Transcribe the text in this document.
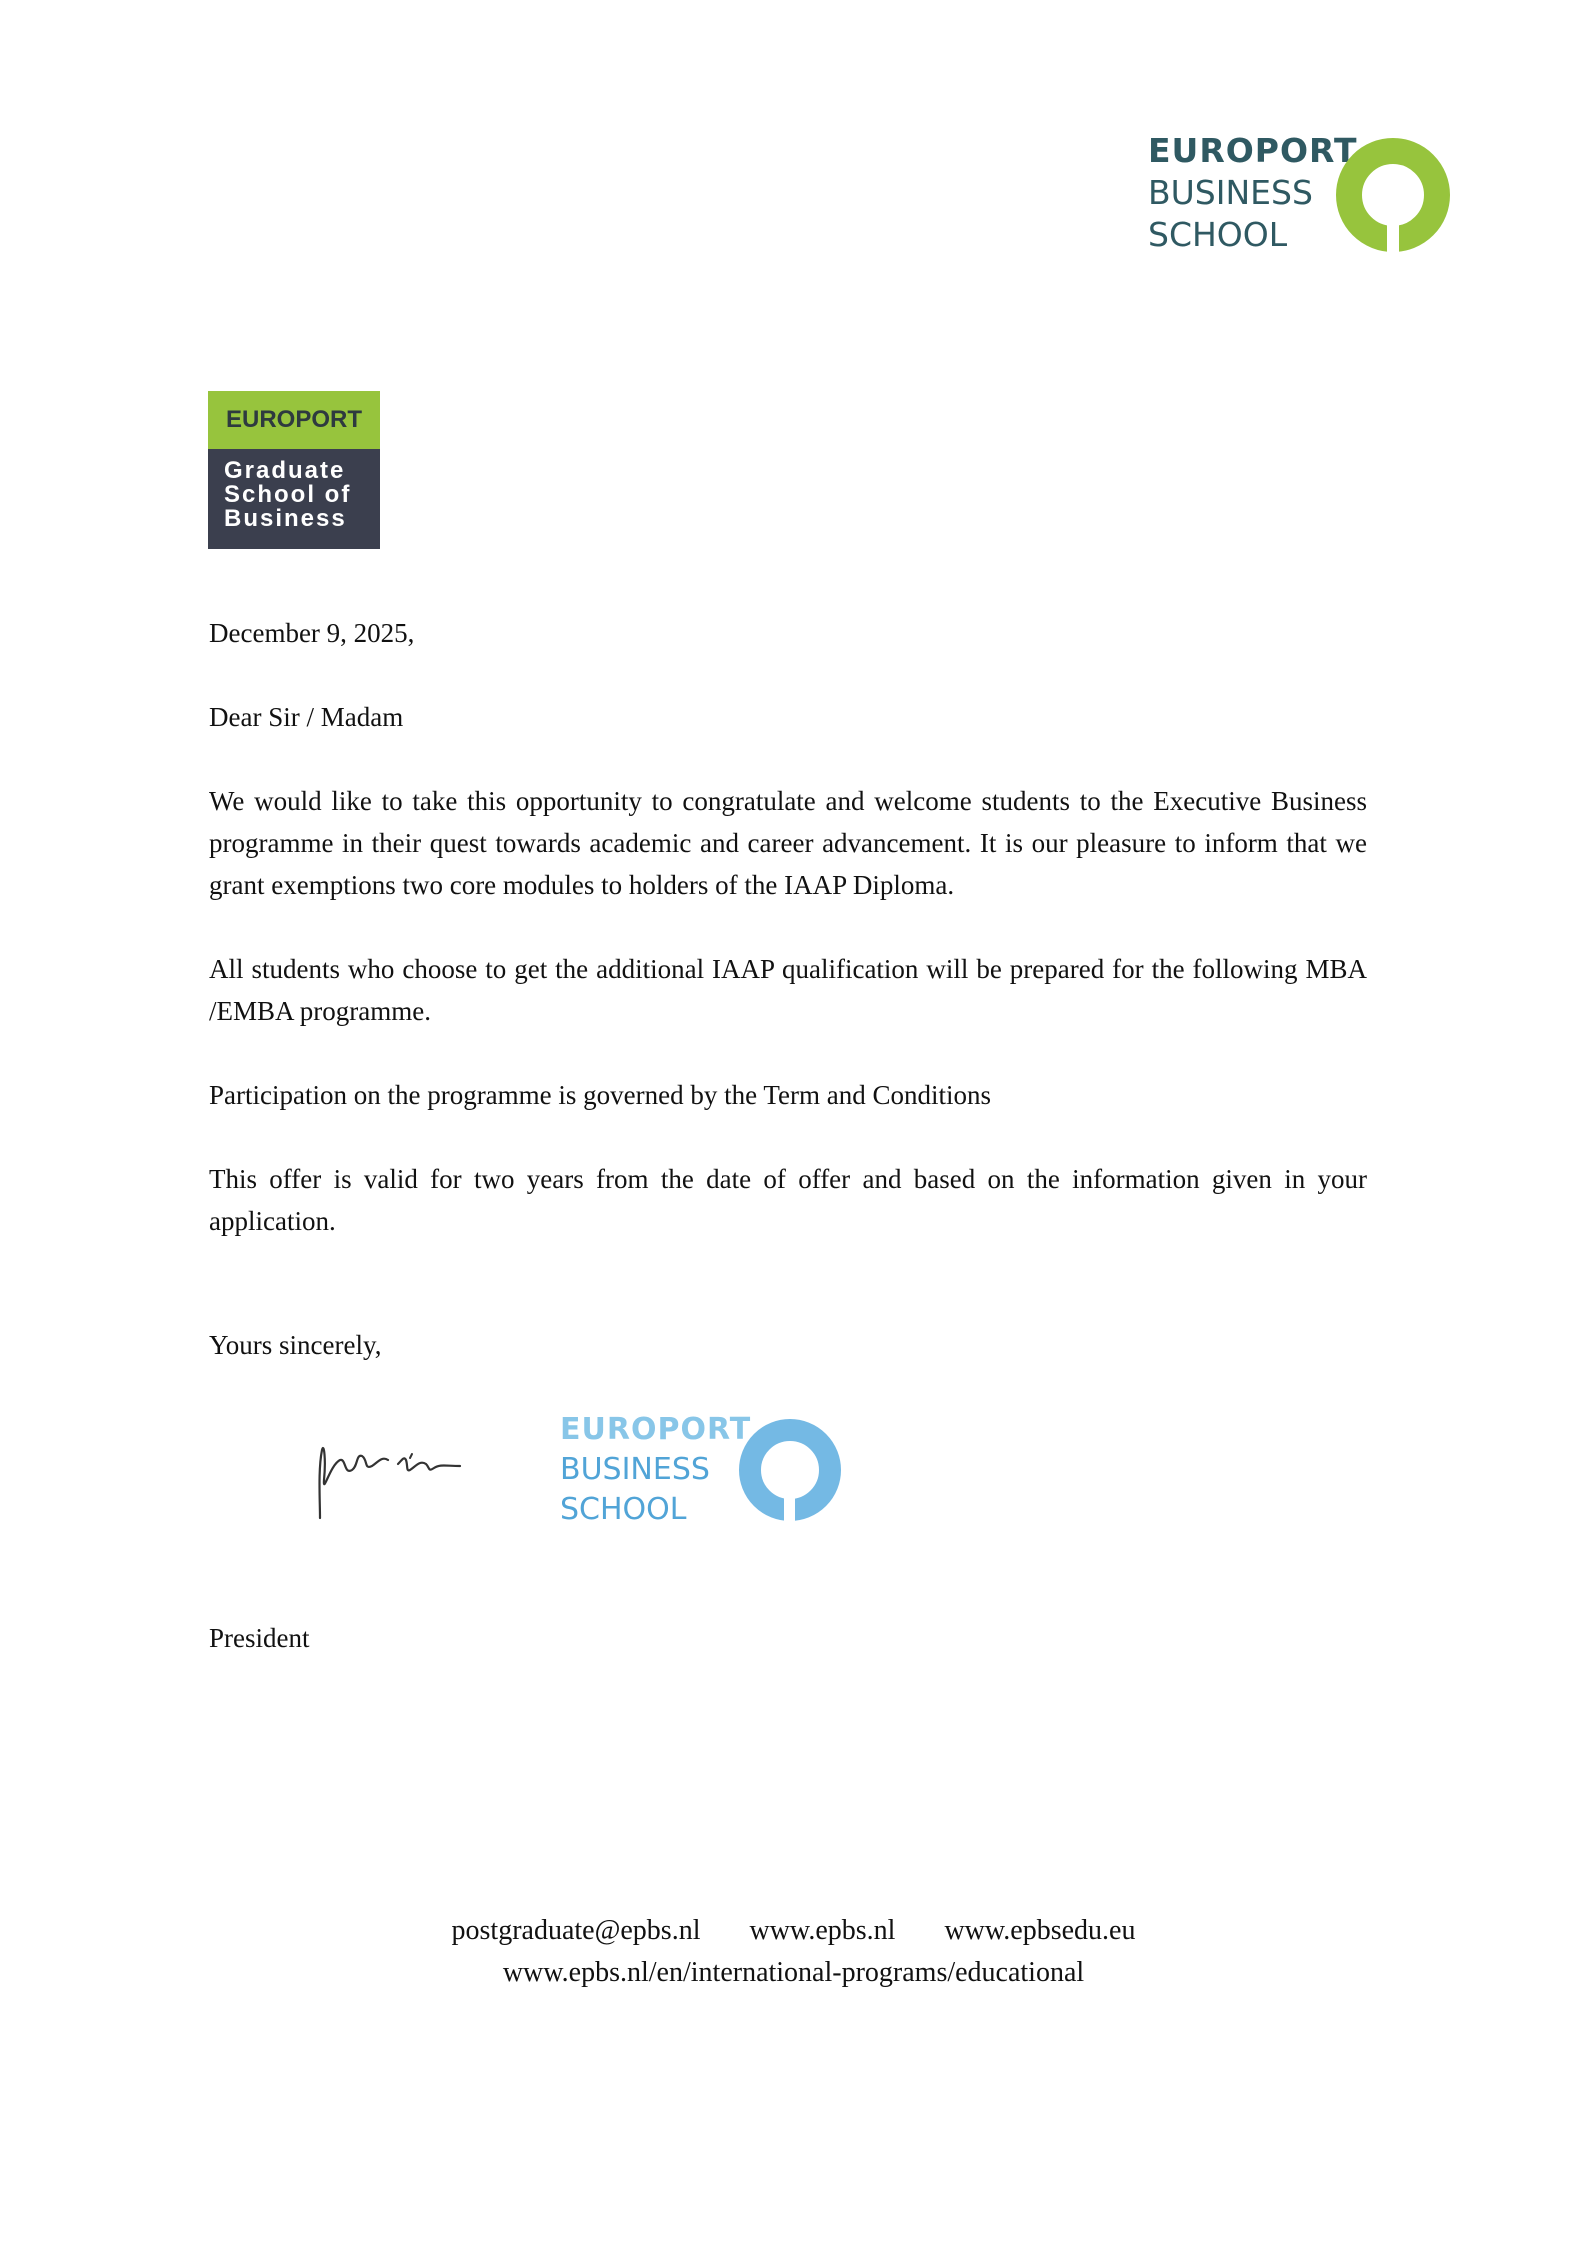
EUROPORT
BUSINESS
SCHOOL
EUROPORT
Graduate
School of
Business

December 9, 2025,

Dear Sir / Madam

We would like to take this opportunity to congratulate and welcome students to the Executive Business programme in their quest towards academic and career advancement. It is our pleasure to inform that we grant exemptions two core modules to holders of the IAAP Diploma.

All students who choose to get the additional IAAP qualification will be prepared for the following MBA /EMBA programme.

Participation on the programme is governed by the Term and Conditions

This offer is valid for two years from the date of offer and based on the information given in your application.

Yours sincerely,
EUROPORT
BUSINESS
SCHOOL
President
postgraduate@epbs.nl www.epbs.nl www.epbsedu.eu
www.epbs.nl/en/international-programs/educational
